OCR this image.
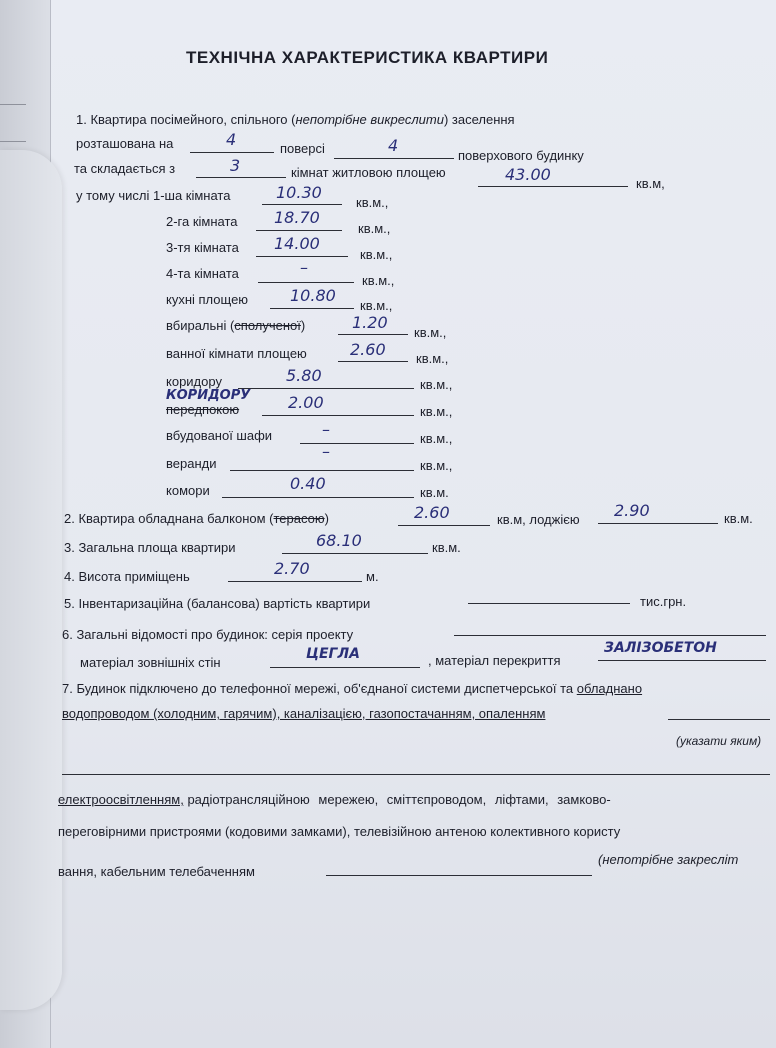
ТЕХНІЧНА ХАРАКТЕРИСТИКА КВАРТИРИ
1. Квартира посімейного, спільного (непотрібне викреслити) заселення
розташована на	4	поверсі	4
поверхового будинку
та складається з	3	кімнат житловою площею	43.00	кв.м,
у тому числі 1-ша кімната	10.30
кв.м.,
2-га кімната 18.70
кв.м.,
3-тя кімната 14.00
кв.м.,
4-та кімната	–
кв.м.,
кухні площею	10.80
кв.м.,
вбиральні (сполученої)	1.20
кв.м.,
ванної кімнати площею	2.60 кв.м.,
коридору	5.80	кв.м.,
КОРИДОРУ
передпокою	2.00	кв.м.,
вбудованої шафи	–	кв.м.,
веранди
–
кв.м.,
комори	0.40	кв.м.
2. Квартира обладнана балконом (терасою)	2.60	кв.м, лоджією 2.90	кв.м.
3. Загальна площа квартири	68.10	кв.м.
4. Висота приміщень	2.70	м.
5. Інвентаризаційна (балансова) вартість квартири	тис.грн.
6. Загальні відомості про будинок: серія проекту
матеріал зовнішніх стін
ЦЕГЛА	, матеріал перекриття
ЗАЛІЗОБЕТОН
7. Будинок підключено до телефонної мережі, об'єднаної системи диспетчерської та обладнано
водопроводом (холодним, гарячим), каналізацією, газопостачанням, опаленням
(указати яким)
електроосвітленням, радіотрансляційною мережею, сміттєпроводом, ліфтами, замково-
переговірними пристроями (кодовими замками), телевізійною антеною колективного користу
вання, кабельним телебаченням
(непотрібне закресліт
